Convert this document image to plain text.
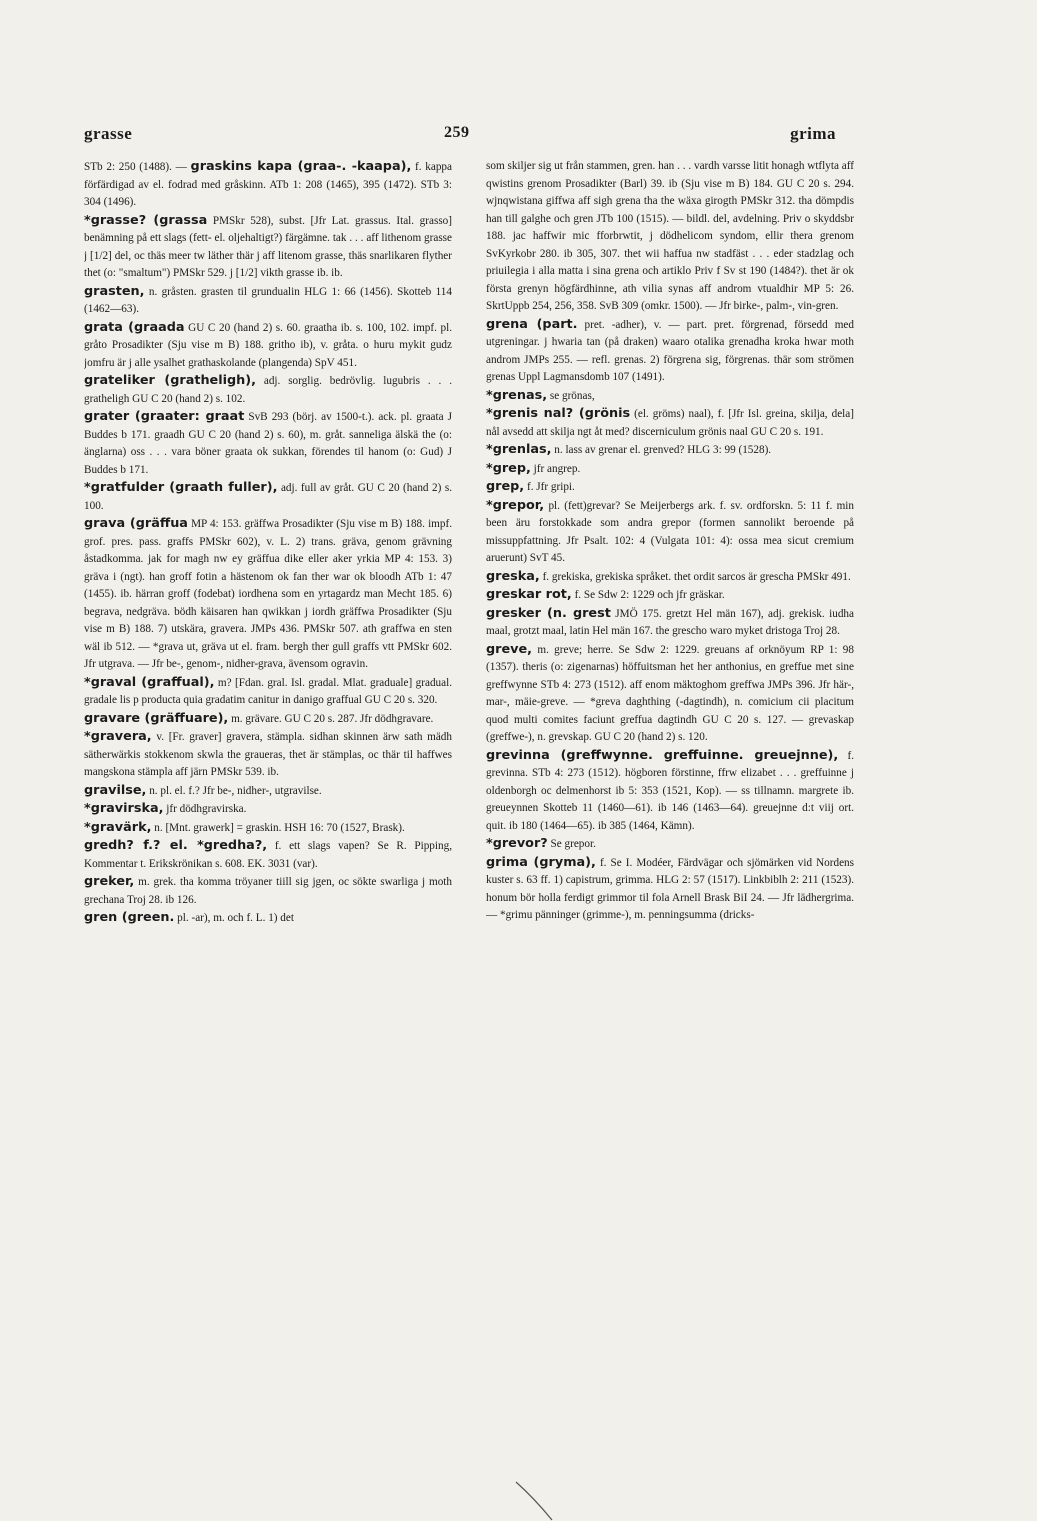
grasse	259	grima

STb 2: 250 (1488). — graskins kapa (graa-. -kaapa), f. kappa förfärdigad av el. fodrad med gråskinn. ATb 1: 208 (1465), 395 (1472). STb 3: 304 (1496).

*grasse? (grassa PMSkr 528), subst. [Jfr Lat. grassus. Ital. grasso] benämning på ett slags (fett- el. oljehaltigt?) färgämne. tak . . . aff lithenom grasse j [1/2] del, oc thäs meer tw läther thär j aff litenom grasse, thäs snarlikaren flyther thet (o: "smaltum") PMSkr 529. j [1/2] vikth grasse ib. ib.

grasten, n. gråsten. grasten til grundualin HLG 1: 66 (1456). Skotteb 114 (1462—63).

grata (graada GU C 20 (hand 2) s. 60. graatha ib. s. 100, 102. impf. pl. gråto Prosadikter (Sju vise m B) 188. gritho ib), v. gråta. o huru mykit gudz jomfru är j alle ysalhet grathaskolande (plangenda) SpV 451.

grateliker (gratheligh), adj. sorglig. bedrövlig. lugubris . . . gratheligh GU C 20 (hand 2) s. 102.

grater (graater: graat SvB 293 (börj. av 1500-t.). ack. pl. graata J Buddes b 171. graadh GU C 20 (hand 2) s. 60), m. gråt. sanneliga älskä the (o: änglarna) oss . . . vara böner graata ok sukkan, förendes til hanom (o: Gud) J Buddes b 171.

*gratfulder (graath fuller), adj. full av gråt. GU C 20 (hand 2) s. 100.

grava (gräffua MP 4: 153. gräffwa Prosadikter (Sju vise m B) 188. impf. grof. pres. pass. graffs PMSkr 602), v. L. 2) trans. gräva, genom grävning åstadkomma. jak for magh nw ey gräffua dike eller aker yrkia MP 4: 153. 3) gräva i (ngt). han groff fotin a hästenom ok fan ther war ok bloodh ATb 1: 47 (1455). ib. härran groff (fodebat) iordhena som en yrtagardz man Mecht 185. 6) begrava, nedgräva. bödh käisaren han qwikkan j iordh gräffwa Prosadikter (Sju vise m B) 188. 7) utskära, gravera. JMPs 436. PMSkr 507. ath graffwa en sten wäl ib 512. — *grava ut, gräva ut el. fram. bergh ther gull graffs vtt PMSkr 602. Jfr utgrava. — Jfr be-, genom-, nidher-grava, ävensom ogravin.

*graval (graffual), m? [Fdan. gral. Isl. gradal. Mlat. graduale] gradual. gradale lis p producta quia gradatim canitur in danigo graffual GU C 20 s. 320.

gravare (gräffuare), m. grävare. GU C 20 s. 287. Jfr dödhgravare.

*gravera, v. [Fr. graver] gravera, stämpla. sidhan skinnen ärw sath mädh sätherwärkis stokkenom skwla the graueras, thet är stämplas, oc thär til haffwes mangskona stämpla aff järn PMSkr 539. ib.

gravilse, n. pl. el. f.? Jfr be-, nidher-, utgravilse.

*gravirska, jfr dödhgravirska.

*gravärk, n. [Mnt. grawerk] = graskin. HSH 16: 70 (1527, Brask).

gredh? f.? el. *gredha?, f. ett slags vapen? Se R. Pipping, Kommentar t. Erikskrönikan s. 608. EK. 3031 (var).

greker, m. grek. tha komma tröyaner tiill sig jgen, oc sökte swarliga j moth grechana Troj 28. ib 126.

gren (green. pl. -ar), m. och f. L. 1) det

som skiljer sig ut från stammen, gren. han . . . vardh varsse litit honagh wtflyta aff qwistins grenom Prosadikter (Barl) 39. ib (Sju vise m B) 184. GU C 20 s. 294. wjnqwistana giffwa aff sigh grena tha the wäxa girogth PMSkr 312. tha dömpdis han till galghe och gren JTb 100 (1515). — bildl. del, avdelning. Priv o skyddsbr 188. jac haffwir mic fforbrwtit, j dödhelicom syndom, ellir thera grenom SvKyrkobr 280. ib 305, 307. thet wii haffua nw stadfäst . . . eder stadzlag och priuilegia i alla matta i sina grena och artiklo Priv f Sv st 190 (1484?). thet är ok första grenyn högfärdhinne, ath vilia synas aff androm vtualdhir MP 5: 26. SkrtUppb 254, 256, 358. SvB 309 (omkr. 1500). — Jfr birke-, palm-, vin-gren.

grena (part. pret. -adher), v. — part. pret. förgrenad, försedd med utgreningar. j hwaria tan (på draken) waaro otalika grenadha kroka hwar moth androm JMPs 255. — refl. grenas. 2) förgrena sig, förgrenas. thär som strömen grenas Uppl Lagmansdomb 107 (1491).

*grenas, se grönas,

*grenis nal? (grönis (el. gröms) naal), f. [Jfr Isl. greina, skilja, dela] nål avsedd att skilja ngt åt med? discerniculum grönis naal GU C 20 s. 191.

*grenlas, n. lass av grenar el. grenved? HLG 3: 99 (1528).

*grep, jfr angrep.

grep, f. Jfr gripi.

*grepor, pl. (fett)grevar? Se Meijerbergs ark. f. sv. ordforskn. 5: 11 f. min been äru forstokkade som andra grepor (formen sannolikt beroende på missuppfattning. Jfr Psalt. 102: 4 (Vulgata 101: 4): ossa mea sicut cremium aruerunt) SvT 45.

greska, f. grekiska, grekiska språket. thet ordit sarcos är grescha PMSkr 491.

greskar rot, f. Se Sdw 2: 1229 och jfr gräskar.

gresker (n. grest JMÖ 175. gretzt Hel män 167), adj. grekisk. iudha maal, grotzt maal, latin Hel män 167. the grescho waro myket dristoga Troj 28.

greve, m. greve; herre. Se Sdw 2: 1229. greuans af orknöyum RP 1: 98 (1357). theris (o: zigenarnas) höffuitsman het her anthonius, en greffue met sine greffwynne STb 4: 273 (1512). aff enom mäktoghom greffwa JMPs 396. Jfr här-, mar-, mäie-greve. — *greva daghthing (-dagtindh), n. comicium cii placitum quod multi comites faciunt greffua dagtindh GU C 20 s. 127. — grevaskap (greffwe-), n. grevskap. GU C 20 (hand 2) s. 120.

grevinna (greffwynne. greffuinne. greuejnne), f. grevinna. STb 4: 273 (1512). högboren förstinne, ffrw elizabet . . . greffuinne j oldenborgh oc delmenhorst ib 5: 353 (1521, Kop). — ss tillnamn. margrete ib. greueynnen Skotteb 11 (1460—61). ib 146 (1463—64). greuejnne d:t viij ort. quit. ib 180 (1464—65). ib 385 (1464, Kämn).

*grevor? Se grepor.

grima (gryma), f. Se I. Modéer, Färdvägar och sjömärken vid Nordens kuster s. 63 ff. 1) capistrum, grimma. HLG 2: 57 (1517). Linkbiblh 2: 211 (1523). honum bör holla ferdigt grimmor til fola Arnell Brask BiI 24. — Jfr lädhergrima. — *grimu pänninger (grimme-), m. penningsumma (dricks-
